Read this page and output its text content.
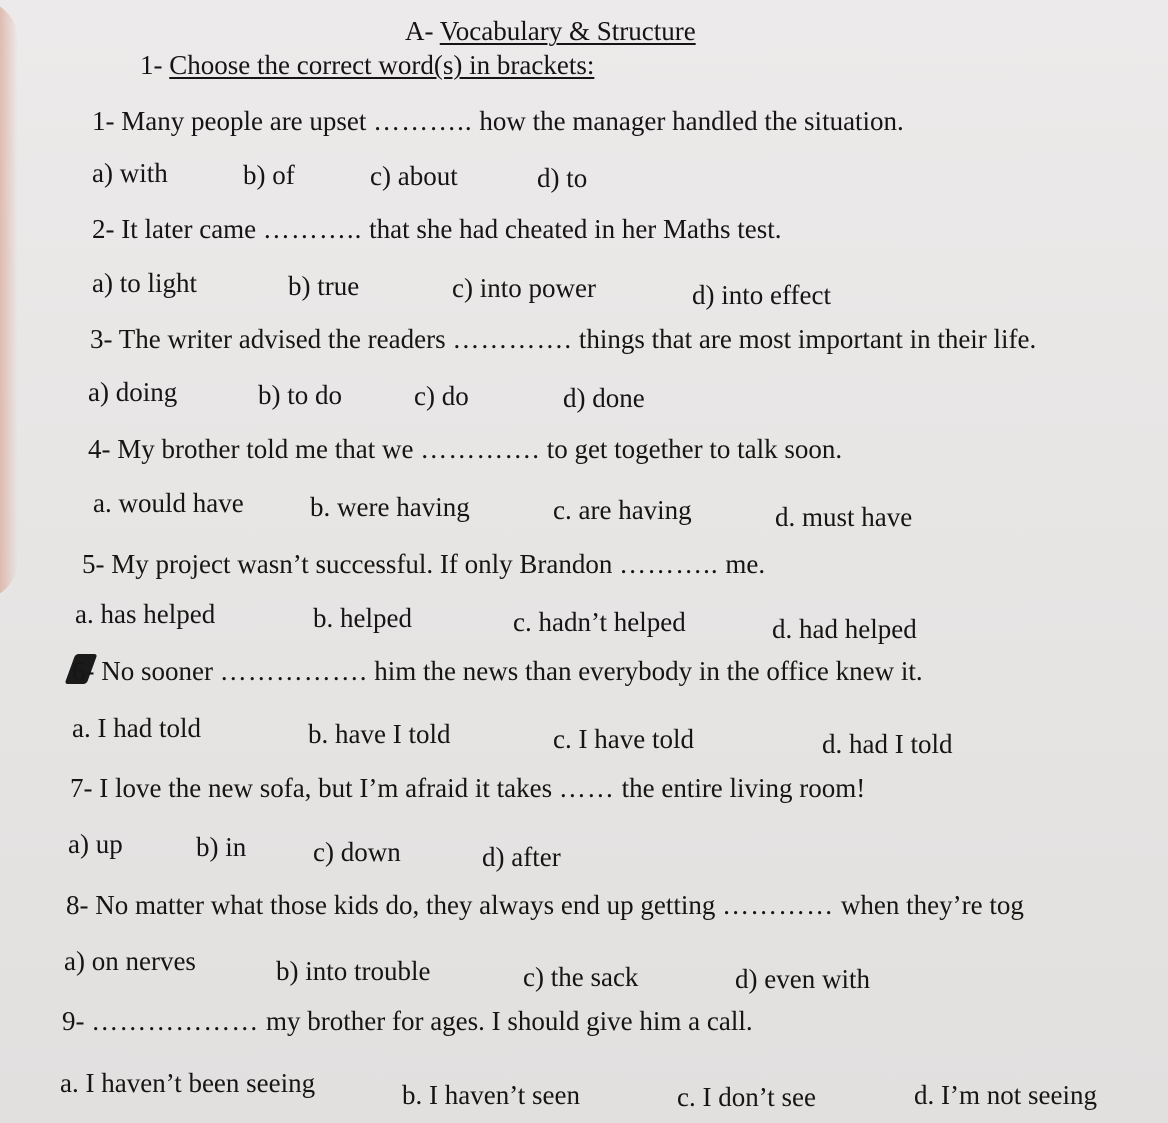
A- Vocabulary & Structure
1- Choose the correct word(s) in brackets:
1- Many people are upset ……….. how the manager handled the situation.
a) with	b) of	c) about	d) to
2- It later came ……….. that she had cheated in her Maths test.
a) to light	b) true	c) into power	d) into effect
3- The writer advised the readers …………. things that are most important in their life.
a) doing	b) to do	c) do	d) done
4- My brother told me that we …………. to get together to talk soon.
a. would have b. were having	c. are having	d. must have
5- My project wasn’t successful. If only Brandon ……….. me.
a. has helped	b. helped	c. hadn’t helped	d. had helped
6- No sooner ……………. him the news than everybody in the office knew it.
a. I had told	b. have I told	c. I have told	d. had I told
7- I love the new sofa, but I’m afraid it takes …… the entire living room!
a) up	b) in c) down	d) after
8- No matter what those kids do, they always end up getting ………… when they’re tog
a) on nerves	b) into trouble	c) the sack	d) even with
9- ……………… my brother for ages. I should give him a call.
a. I haven’t been seeing	b. I haven’t seen	c. I don’t see	d. I’m not seeing
